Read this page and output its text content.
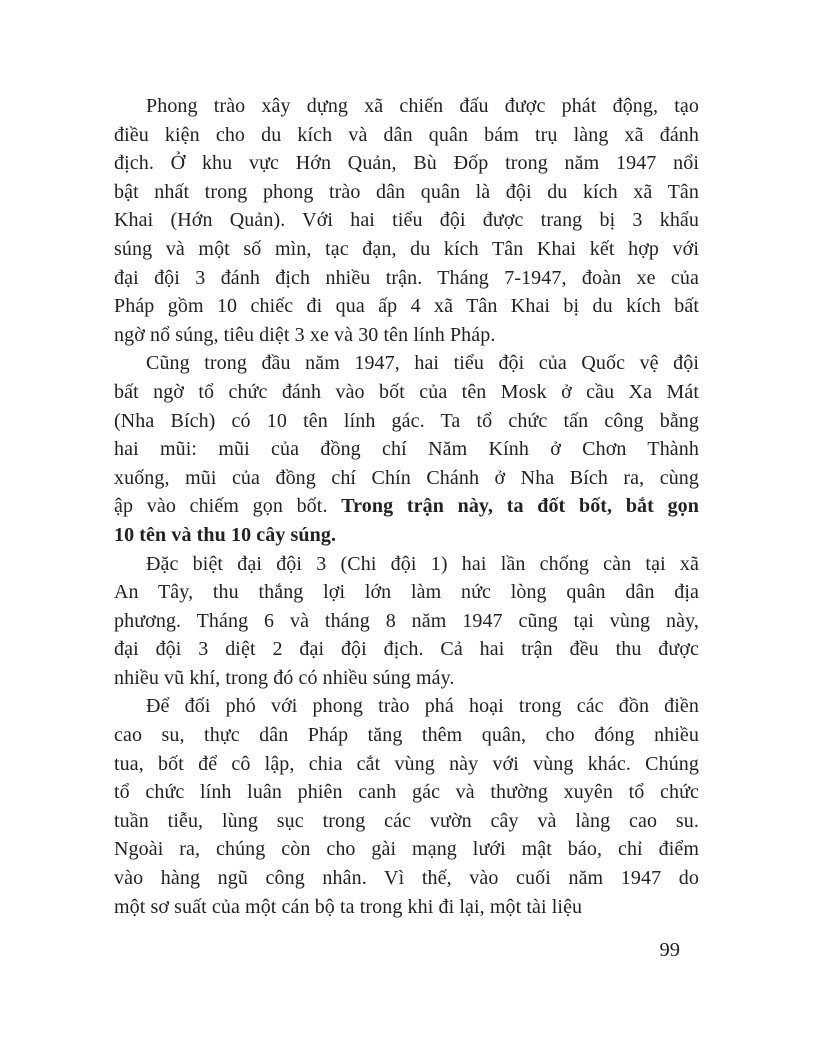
Phong trào xây dựng xã chiến đấu được phát động, tạo
điều kiện cho du kích và dân quân bám trụ làng xã đánh
địch. Ở khu vực Hớn Quản, Bù Đốp trong năm 1947 nổi
bật nhất trong phong trào dân quân là đội du kích xã Tân
Khai (Hớn Quản). Với hai tiểu đội được trang bị 3 khẩu
súng và một số mìn, tạc đạn, du kích Tân Khai kết hợp với
đại đội 3 đánh địch nhiều trận. Tháng 7-1947, đoàn xe của
Pháp gồm 10 chiếc đi qua ấp 4 xã Tân Khai bị du kích bất
ngờ nổ súng, tiêu diệt 3 xe và 30 tên lính Pháp.
Cũng trong đầu năm 1947, hai tiểu đội của Quốc vệ đội
bất ngờ tổ chức đánh vào bốt của tên Mosk ở cầu Xa Mát
(Nha Bích) có 10 tên lính gác. Ta tổ chức tấn công bằng
hai mũi: mũi của đồng chí Năm Kính ở Chơn Thành
xuống, mũi của đồng chí Chín Chánh ở Nha Bích ra, cùng
ập vào chiếm gọn bốt. Trong trận này, ta đốt bốt, bắt gọn
10 tên và thu 10 cây súng.
Đặc biệt đại đội 3 (Chi đội 1) hai lần chống càn tại xã
An Tây, thu thắng lợi lớn làm nức lòng quân dân địa
phương. Tháng 6 và tháng 8 năm 1947 cũng tại vùng này,
đại đội 3 diệt 2 đại đội địch. Cả hai trận đều thu được
nhiều vũ khí, trong đó có nhiều súng máy.
Để đối phó với phong trào phá hoại trong các đồn điền
cao su, thực dân Pháp tăng thêm quân, cho đóng nhiều
tua, bốt để cô lập, chia cắt vùng này với vùng khác. Chúng
tổ chức lính luân phiên canh gác và thường xuyên tổ chức
tuần tiễu, lùng sục trong các vườn cây và làng cao su.
Ngoài ra, chúng còn cho gài mạng lưới mật báo, chỉ điểm
vào hàng ngũ công nhân. Vì thế, vào cuối năm 1947 do
một sơ suất của một cán bộ ta trong khi đi lại, một tài liệu
99
